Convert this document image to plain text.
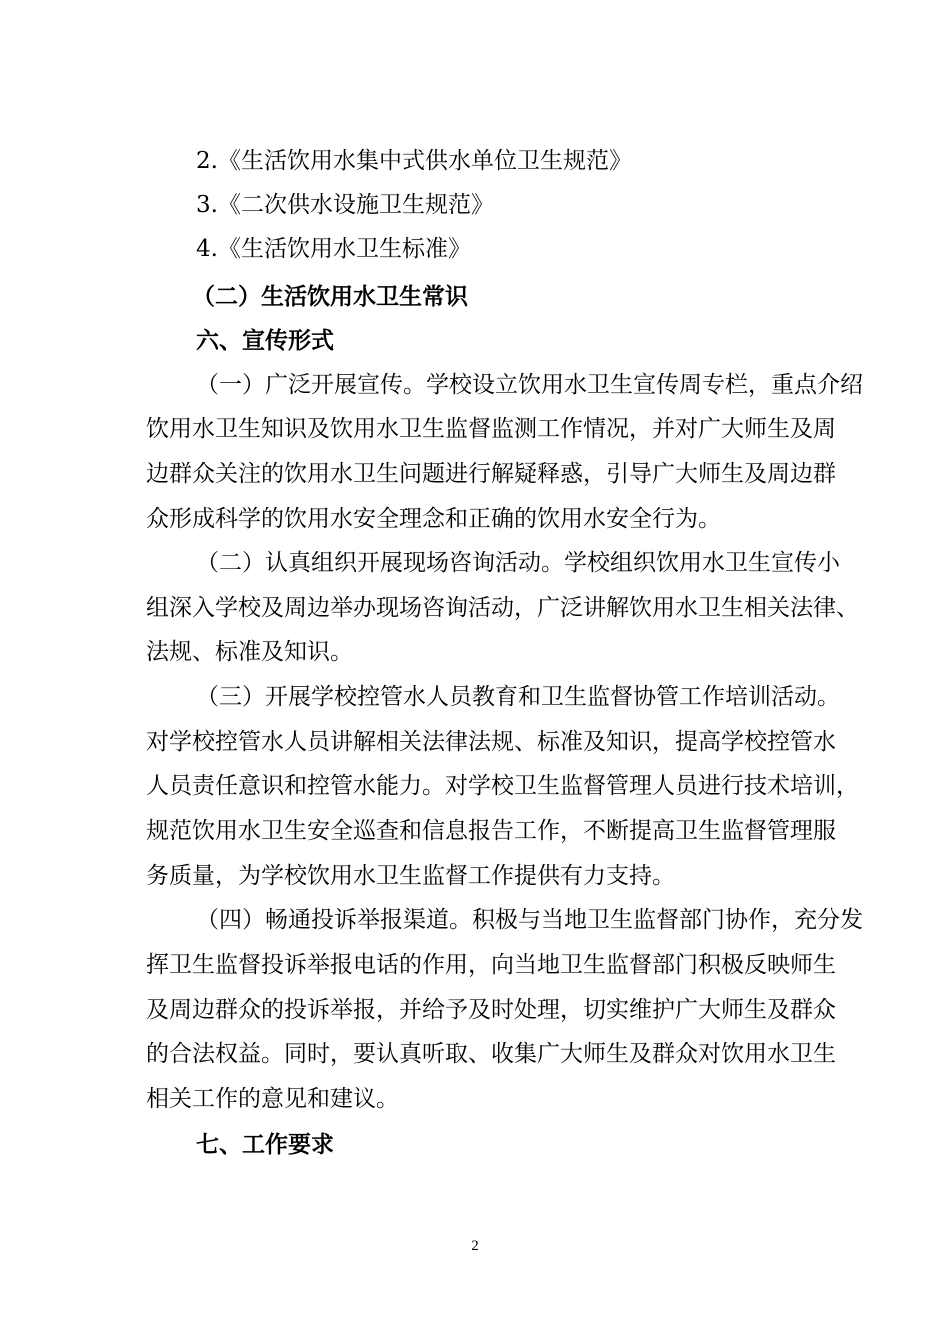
2.《生活饮用水集中式供水单位卫生规范》
3.《二次供水设施卫生规范》
4.《生活饮用水卫生标准》
（二）生活饮用水卫生常识
六、宣传形式
（一）广泛开展宣传。学校设立饮用水卫生宣传周专栏，重点介绍
饮用水卫生知识及饮用水卫生监督监测工作情况，并对广大师生及周
边群众关注的饮用水卫生问题进行解疑释惑，引导广大师生及周边群
众形成科学的饮用水安全理念和正确的饮用水安全行为。
（二）认真组织开展现场咨询活动。学校组织饮用水卫生宣传小
组深入学校及周边举办现场咨询活动，广泛讲解饮用水卫生相关法律、
法规、标准及知识。
（三）开展学校控管水人员教育和卫生监督协管工作培训活动。
对学校控管水人员讲解相关法律法规、标准及知识，提高学校控管水
人员责任意识和控管水能力。对学校卫生监督管理人员进行技术培训，
规范饮用水卫生安全巡查和信息报告工作，不断提高卫生监督管理服
务质量，为学校饮用水卫生监督工作提供有力支持。
（四）畅通投诉举报渠道。积极与当地卫生监督部门协作，充分发
挥卫生监督投诉举报电话的作用，向当地卫生监督部门积极反映师生
及周边群众的投诉举报，并给予及时处理，切实维护广大师生及群众
的合法权益。同时，要认真听取、收集广大师生及群众对饮用水卫生
相关工作的意见和建议。
七、工作要求
2
